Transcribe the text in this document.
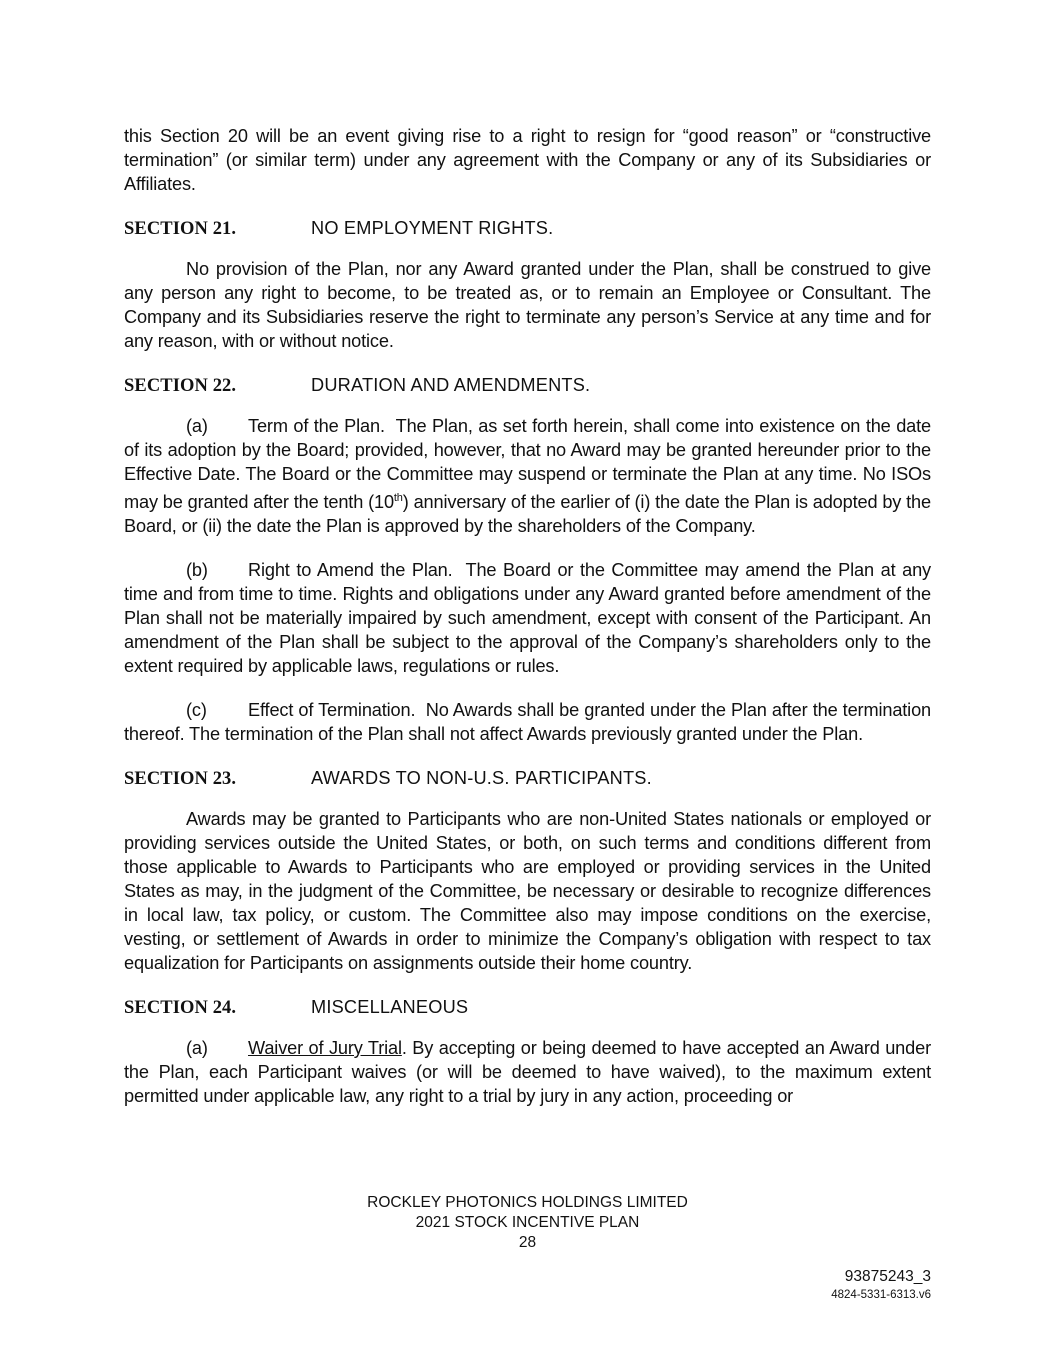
this Section 20 will be an event giving rise to a right to resign for “good reason” or “constructive termination” (or similar term) under any agreement with the Company or any of its Subsidiaries or Affiliates.

SECTION 21.	NO EMPLOYMENT RIGHTS.

No provision of the Plan, nor any Award granted under the Plan, shall be construed to give any person any right to become, to be treated as, or to remain an Employee or Consultant. The Company and its Subsidiaries reserve the right to terminate any person’s Service at any time and for any reason, with or without notice.

SECTION 22.	DURATION AND AMENDMENTS.

(a) Term of the Plan. The Plan, as set forth herein, shall come into existence on the date of its adoption by the Board; provided, however, that no Award may be granted hereunder prior to the Effective Date. The Board or the Committee may suspend or terminate the Plan at any time. No ISOs may be granted after the tenth (10th) anniversary of the earlier of (i) the date the Plan is adopted by the Board, or (ii) the date the Plan is approved by the shareholders of the Company.

(b) Right to Amend the Plan. The Board or the Committee may amend the Plan at any time and from time to time. Rights and obligations under any Award granted before amendment of the Plan shall not be materially impaired by such amendment, except with consent of the Participant. An amendment of the Plan shall be subject to the approval of the Company’s shareholders only to the extent required by applicable laws, regulations or rules.

(c) Effect of Termination. No Awards shall be granted under the Plan after the termination thereof. The termination of the Plan shall not affect Awards previously granted under the Plan.

SECTION 23.	AWARDS TO NON-U.S. PARTICIPANTS.

Awards may be granted to Participants who are non-United States nationals or employed or providing services outside the United States, or both, on such terms and conditions different from those applicable to Awards to Participants who are employed or providing services in the United States as may, in the judgment of the Committee, be necessary or desirable to recognize differences in local law, tax policy, or custom. The Committee also may impose conditions on the exercise, vesting, or settlement of Awards in order to minimize the Company’s obligation with respect to tax equalization for Participants on assignments outside their home country.

SECTION 24.	MISCELLANEOUS

(a) Waiver of Jury Trial. By accepting or being deemed to have accepted an Award under the Plan, each Participant waives (or will be deemed to have waived), to the maximum extent permitted under applicable law, any right to a trial by jury in any action, proceeding or

ROCKLEY PHOTONICS HOLDINGS LIMITED
2021 STOCK INCENTIVE PLAN
28
93875243_3
4824-5331-6313.v6
